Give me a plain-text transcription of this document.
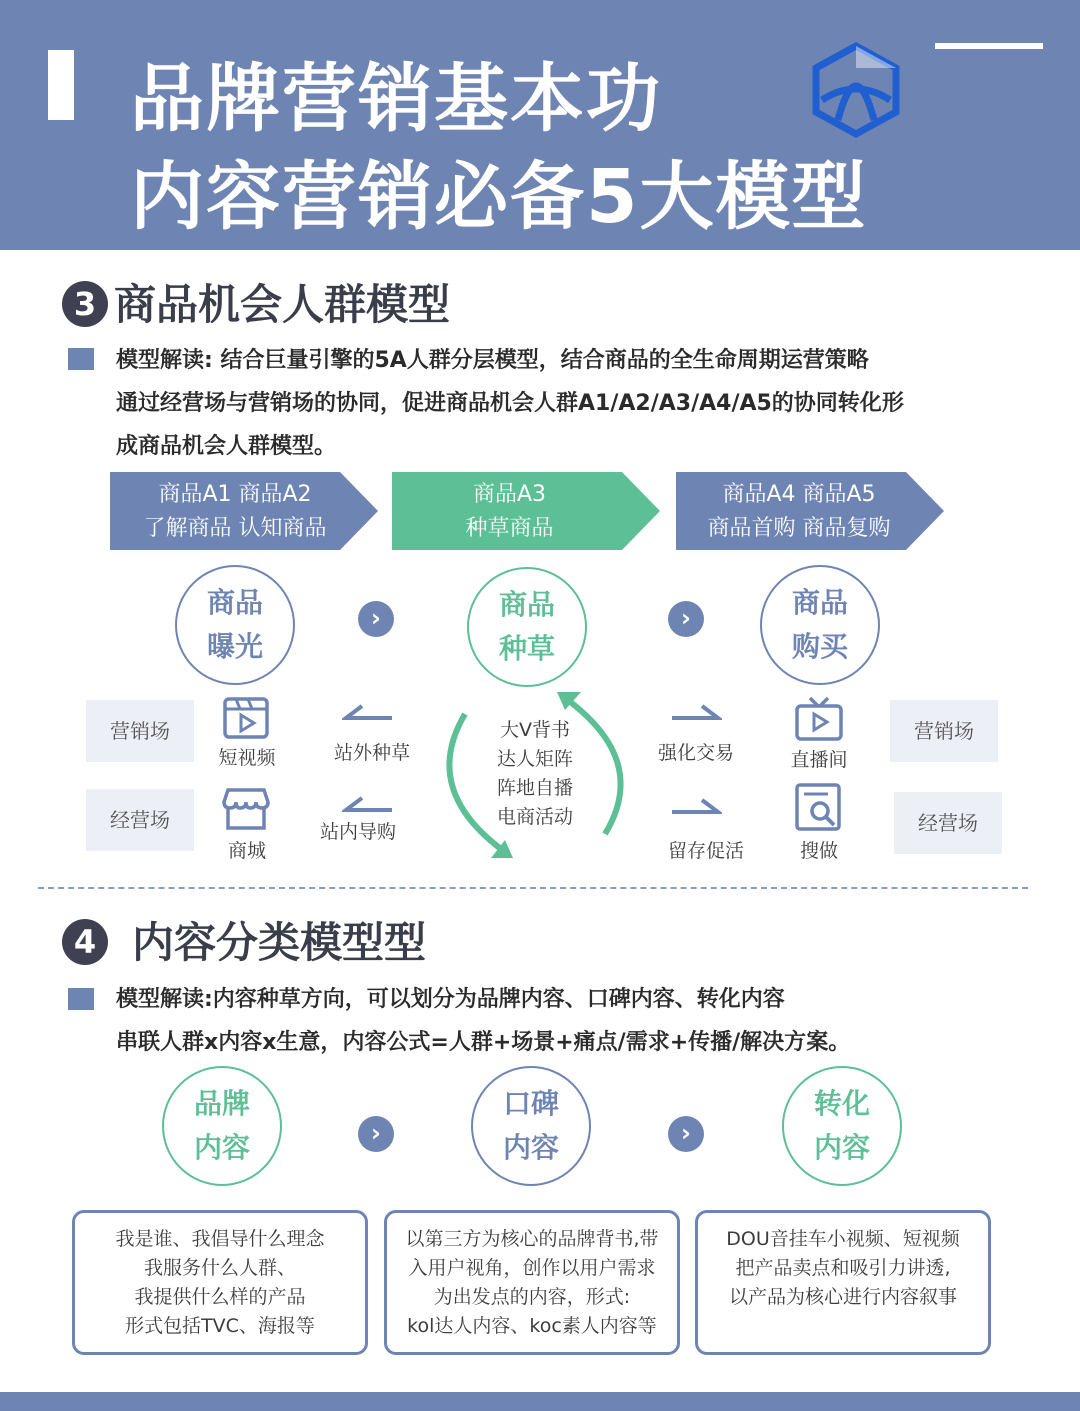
品牌营销基本功
内容营销必备5大模型
3 商品机会人群模型
模型解读: 结合巨量引擎的5A人群分层模型，结合商品的全生命周期运营策略
通过经营场与营销场的协同，促进商品机会人群A1/A2/A3/A4/A5的协同转化形
成商品机会人群模型。
商品A1 商品A2
了解商品 认知商品
商品A3
种草商品
商品A4 商品A5
商品首购 商品复购
商品
曝光
›	商品
种草
›	商品
购买
营销场
经营场
短视频
商城
站外种草
站内导购
大V背书
达人矩阵
阵地自播
电商活动
强化交易
留存促活
直播间
搜做
营销场
经营场
4 内容分类模型型
模型解读:内容种草方向，可以划分为品牌内容、口碑内容、转化内容
串联人群x内容x生意，内容公式=人群+场景+痛点/需求+传播/解决方案。
品牌
内容	›
口碑
内容	›
转化
内容
我是谁、我倡导什么理念
我服务什么人群、
我提供什么样的产品
形式包括TVC、海报等
以第三方为核心的品牌背书,带
入用户视角，创作以用户需求
为出发点的内容，形式:
kol达人内容、koc素人内容等
DOU音挂车小视频、短视频
把产品卖点和吸引力讲透,
以产品为核心进行内容叙事
